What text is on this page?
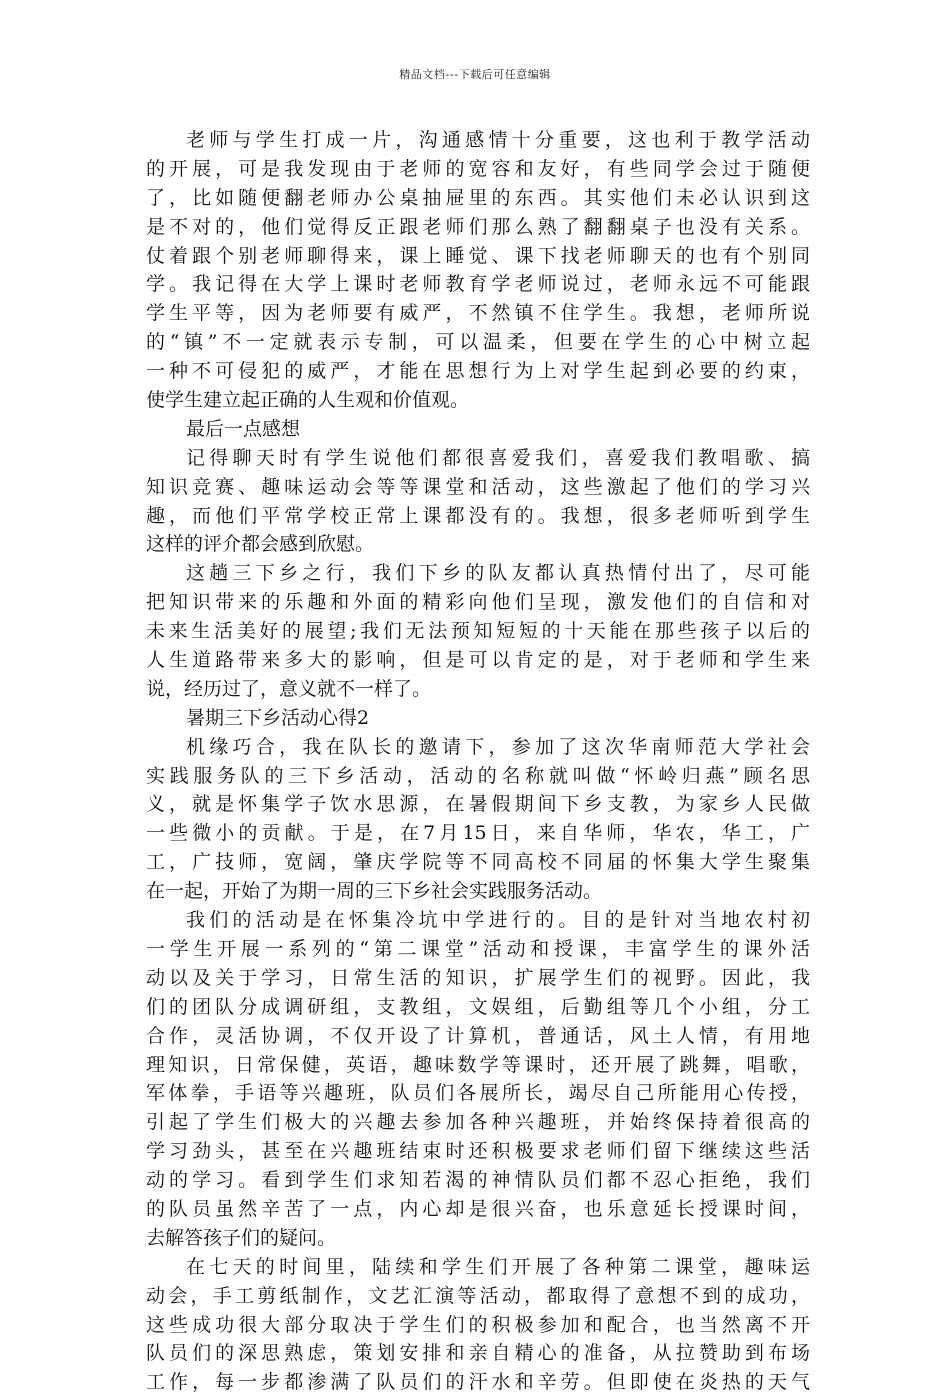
精品文档---下载后可任意编辑
老师与学生打成一片，沟通感情十分重要，这也利于教学活动
的开展，可是我发现由于老师的宽容和友好，有些同学会过于随便
了，比如随便翻老师办公桌抽屉里的东西。其实他们未必认识到这
是不对的，他们觉得反正跟老师们那么熟了翻翻桌子也没有关系。
仗着跟个别老师聊得来，课上睡觉、课下找老师聊天的也有个别同
学。我记得在大学上课时老师教育学老师说过，老师永远不可能跟
学生平等，因为老师要有威严，不然镇不住学生。我想，老师所说
的“镇”不一定就表示专制，可以温柔，但要在学生的心中树立起
一种不可侵犯的威严，才能在思想行为上对学生起到必要的约束，
使学生建立起正确的人生观和价值观。
最后一点感想
记得聊天时有学生说他们都很喜爱我们，喜爱我们教唱歌、搞
知识竞赛、趣味运动会等等课堂和活动，这些激起了他们的学习兴
趣，而他们平常学校正常上课都没有的。我想，很多老师听到学生
这样的评介都会感到欣慰。
这趟三下乡之行，我们下乡的队友都认真热情付出了，尽可能
把知识带来的乐趣和外面的精彩向他们呈现，激发他们的自信和对
未来生活美好的展望;我们无法预知短短的十天能在那些孩子以后的
人生道路带来多大的影响，但是可以肯定的是，对于老师和学生来
说，经历过了，意义就不一样了。
暑期三下乡活动心得2
机缘巧合，我在队长的邀请下，参加了这次华南师范大学社会
实践服务队的三下乡活动，活动的名称就叫做“怀岭归燕”顾名思
义，就是怀集学子饮水思源，在暑假期间下乡支教，为家乡人民做
一些微小的贡献。于是，在7月15日，来自华师，华农，华工，广
工，广技师，宽阔，肇庆学院等不同高校不同届的怀集大学生聚集
在一起，开始了为期一周的三下乡社会实践服务活动。
我们的活动是在怀集冷坑中学进行的。目的是针对当地农村初
一学生开展一系列的“第二课堂”活动和授课，丰富学生的课外活
动以及关于学习，日常生活的知识，扩展学生们的视野。因此，我
们的团队分成调研组，支教组，文娱组，后勤组等几个小组，分工
合作，灵活协调，不仅开设了计算机，普通话，风土人情，有用地
理知识，日常保健，英语，趣味数学等课时，还开展了跳舞，唱歌，
军体拳，手语等兴趣班，队员们各展所长，竭尽自己所能用心传授，
引起了学生们极大的兴趣去参加各种兴趣班，并始终保持着很高的
学习劲头，甚至在兴趣班结束时还积极要求老师们留下继续这些活
动的学习。看到学生们求知若渴的神情队员们都不忍心拒绝，我们
的队员虽然辛苦了一点，内心却是很兴奋，也乐意延长授课时间，
去解答孩子们的疑问。
在七天的时间里，陆续和学生们开展了各种第二课堂，趣味运
动会，手工剪纸制作，文艺汇演等活动，都取得了意想不到的成功，
这些成功很大部分取决于学生们的积极参加和配合，也当然离不开
队员们的深思熟虑，策划安排和亲自精心的准备，从拉赞助到布场
工作，每一步都渗满了队员们的汗水和辛劳。但即使在炎热的天气
